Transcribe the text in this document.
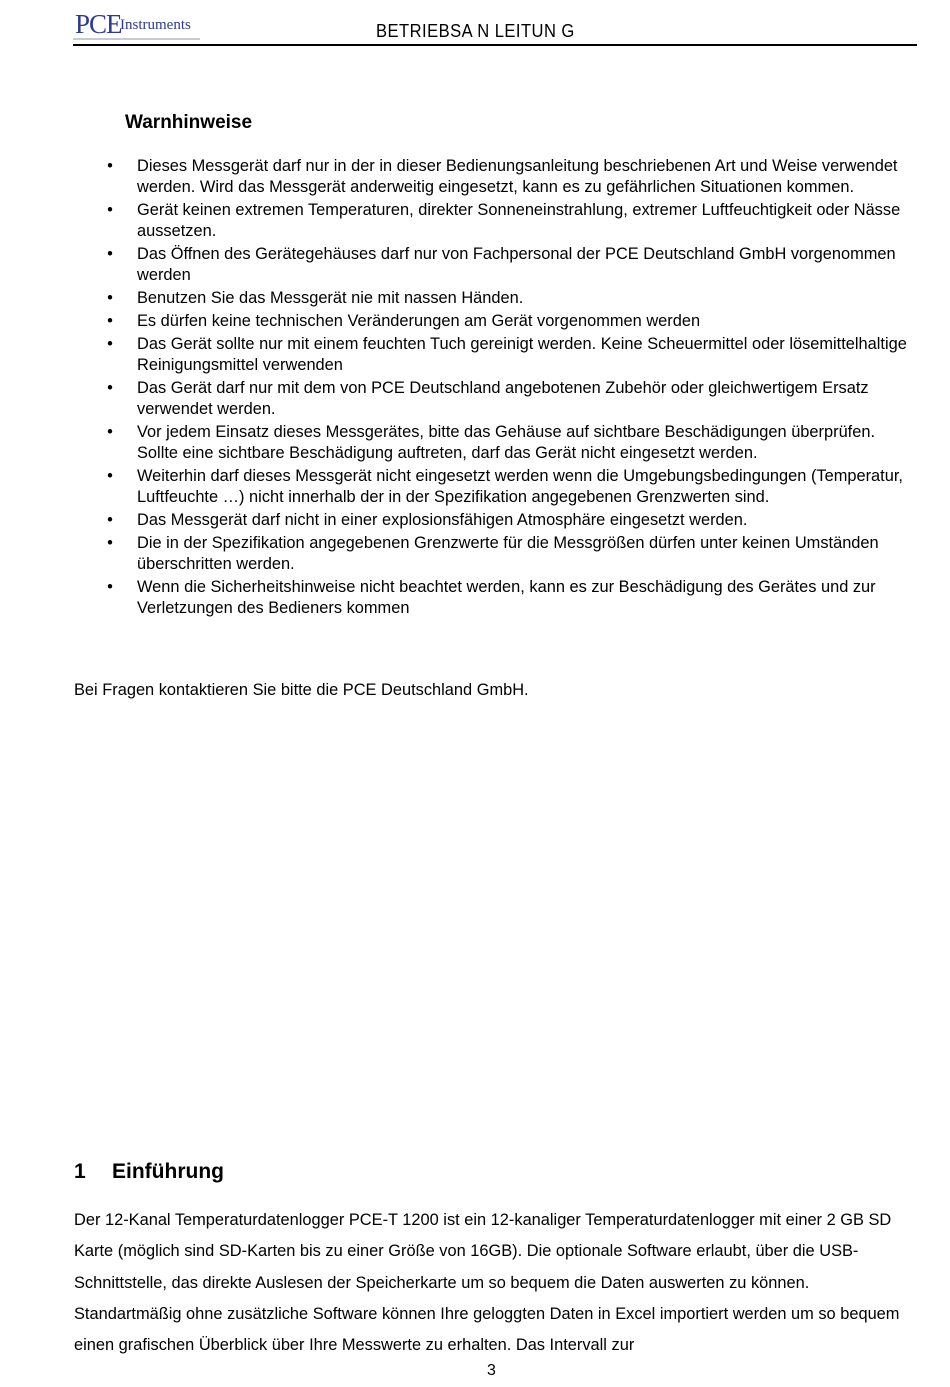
PCE
Instruments	BETRIEBSA N LEITUN G
Warnhinweise
• Dieses Messgerät darf nur in der in dieser Bedienungsanleitung beschriebenen Art und Weise verwendet werden. Wird das Messgerät anderweitig eingesetzt, kann es zu gefährlichen Situationen kommen.
• Gerät keinen extremen Temperaturen, direkter Sonneneinstrahlung, extremer Luftfeuchtigkeit oder Nässe aussetzen.
• Das Öffnen des Gerätegehäuses darf nur von Fachpersonal der PCE Deutschland GmbH vorgenommen werden
• Benutzen Sie das Messgerät nie mit nassen Händen.
• Es dürfen keine technischen Veränderungen am Gerät vorgenommen werden
• Das Gerät sollte nur mit einem feuchten Tuch gereinigt werden. Keine Scheuermittel oder lösemittelhaltige Reinigungsmittel verwenden
• Das Gerät darf nur mit dem von PCE Deutschland angebotenen Zubehör oder gleichwertigem Ersatz verwendet werden.
• Vor jedem Einsatz dieses Messgerätes, bitte das Gehäuse auf sichtbare Beschädigungen überprüfen. Sollte eine sichtbare Beschädigung auftreten, darf das Gerät nicht eingesetzt werden.
• Weiterhin darf dieses Messgerät nicht eingesetzt werden wenn die Umgebungsbedingungen (Temperatur, Luftfeuchte …) nicht innerhalb der in der Spezifikation angegebenen Grenzwerten sind.
• Das Messgerät darf nicht in einer explosionsfähigen Atmosphäre eingesetzt werden.
• Die in der Spezifikation angegebenen Grenzwerte für die Messgrößen dürfen unter keinen Umständen überschritten werden.
• Wenn die Sicherheitshinweise nicht beachtet werden, kann es zur Beschädigung des Gerätes und zur Verletzungen des Bedieners kommen
Bei Fragen kontaktieren Sie bitte die PCE Deutschland GmbH.
1 Einführung

Der 12-Kanal Temperaturdatenlogger PCE-T 1200 ist ein 12-kanaliger Temperaturdatenlogger mit einer 2 GB SD Karte (möglich sind SD-Karten bis zu einer Größe von 16GB). Die optionale Software erlaubt, über die USB-Schnittstelle, das direkte Auslesen der Speicherkarte um so bequem die Daten auswerten zu können. Standartmäßig ohne zusätzliche Software können Ihre geloggten Daten in Excel importiert werden um so bequem einen grafischen Überblick über Ihre Messwerte zu erhalten. Das Intervall zur

3
